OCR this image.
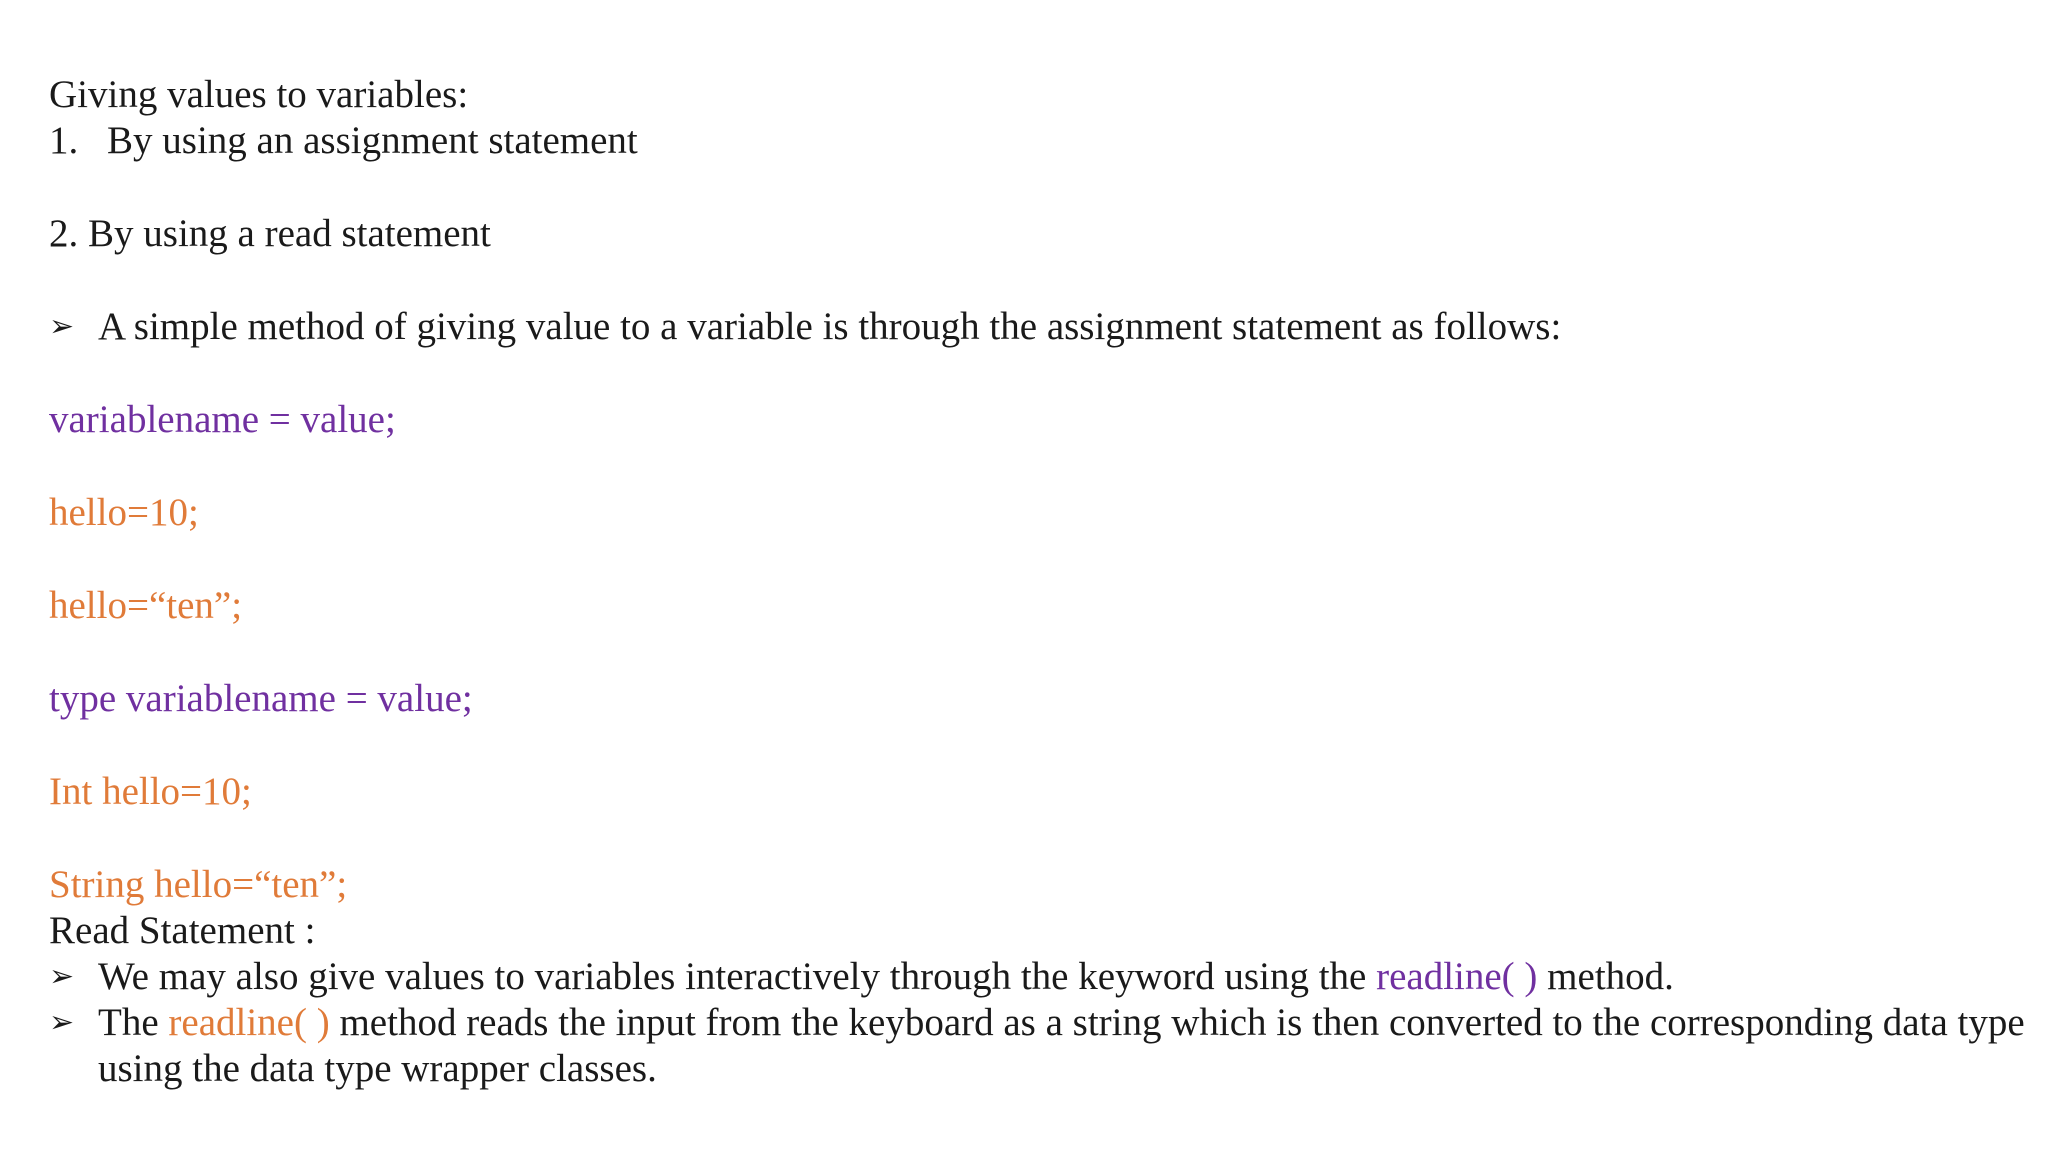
Giving values to variables:
1. By using an assignment statement
2. By using a read statement
➢ A simple method of giving value to a variable is through the assignment statement as follows:
variablename = value;
hello=10;
hello=“ten”;
type variablename = value;
Int hello=10;
String hello=“ten”;
Read Statement :
➢ We may also give values to variables interactively through the keyword using the readline( ) method.
➢ The readline( ) method reads the input from the keyboard as a string which is then converted to the corresponding data type using the data type wrapper classes.
